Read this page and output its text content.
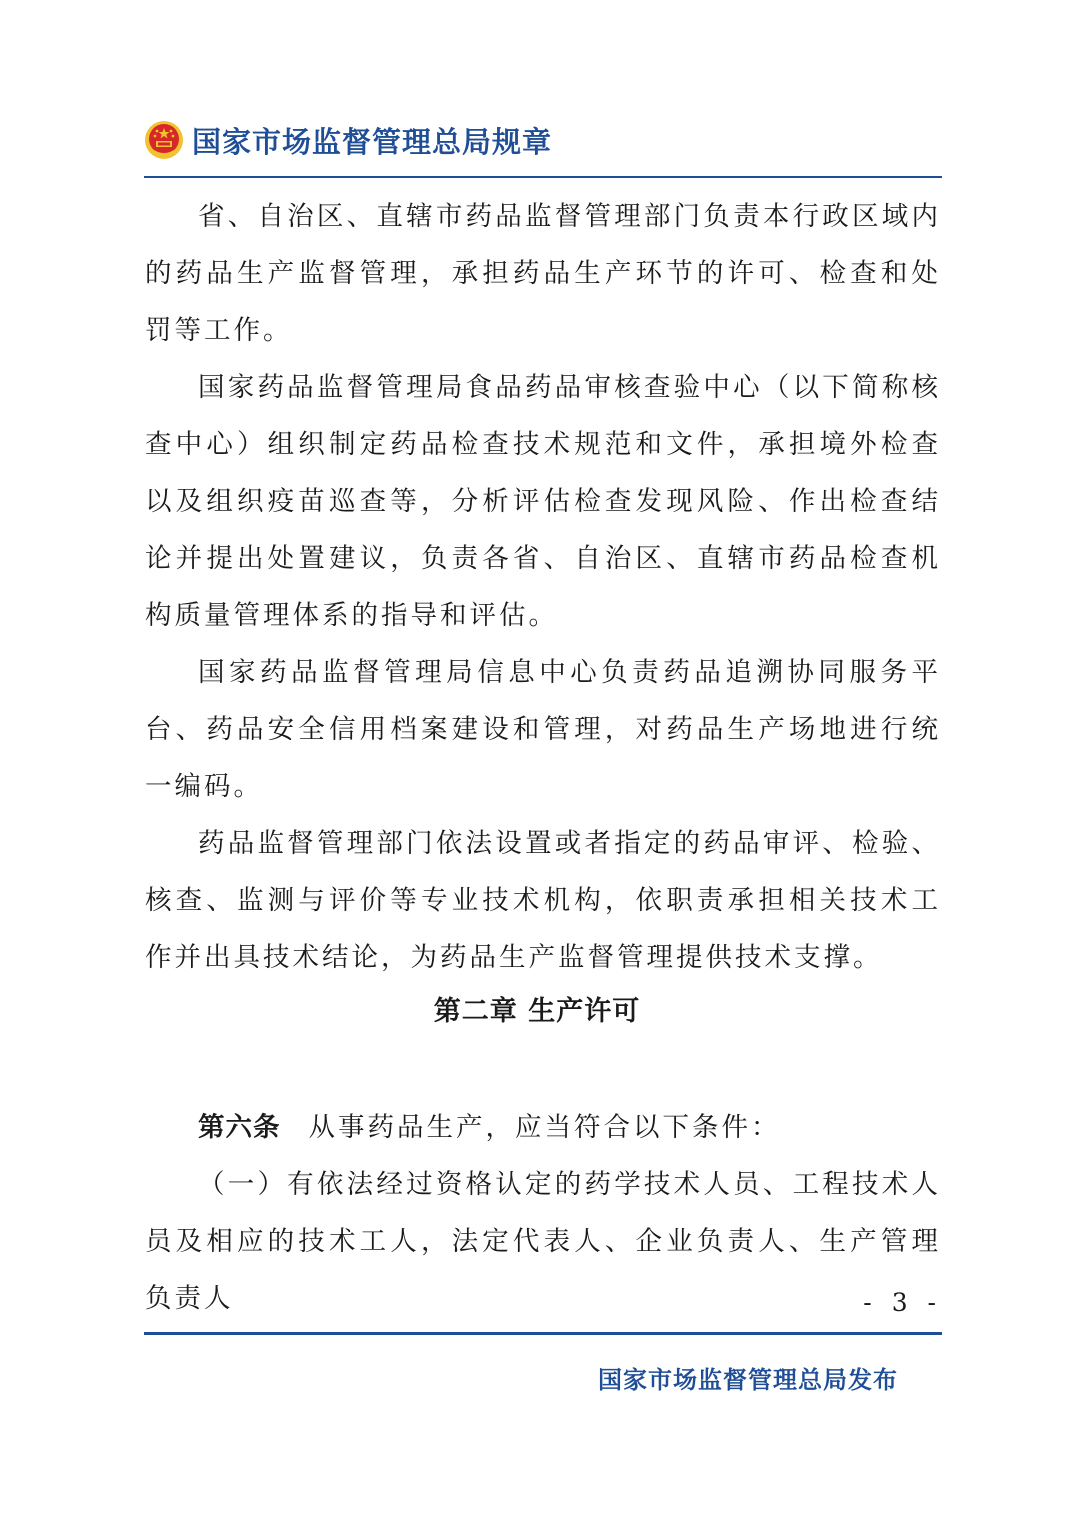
国家市场监督管理总局规章

省、自治区、直辖市药品监督管理部门负责本行政区域内的药品生产监督管理，承担药品生产环节的许可、检查和处罚等工作。

国家药品监督管理局食品药品审核查验中心（以下简称核查中心）组织制定药品检查技术规范和文件，承担境外检查以及组织疫苗巡查等，分析评估检查发现风险、作出检查结论并提出处置建议，负责各省、自治区、直辖市药品检查机构质量管理体系的指导和评估。

国家药品监督管理局信息中心负责药品追溯协同服务平台、药品安全信用档案建设和管理，对药品生产场地进行统一编码。

药品监督管理部门依法设置或者指定的药品审评、检验、核查、监测与评价等专业技术机构，依职责承担相关技术工作并出具技术结论，为药品生产监督管理提供技术支撑。

第二章 生产许可

第六条 从事药品生产，应当符合以下条件：

（一）有依法经过资格认定的药学技术人员、工程技术人员及相应的技术工人，法定代表人、企业负责人、生产管理负责人	- 3 -
国家市场监督管理总局发布
